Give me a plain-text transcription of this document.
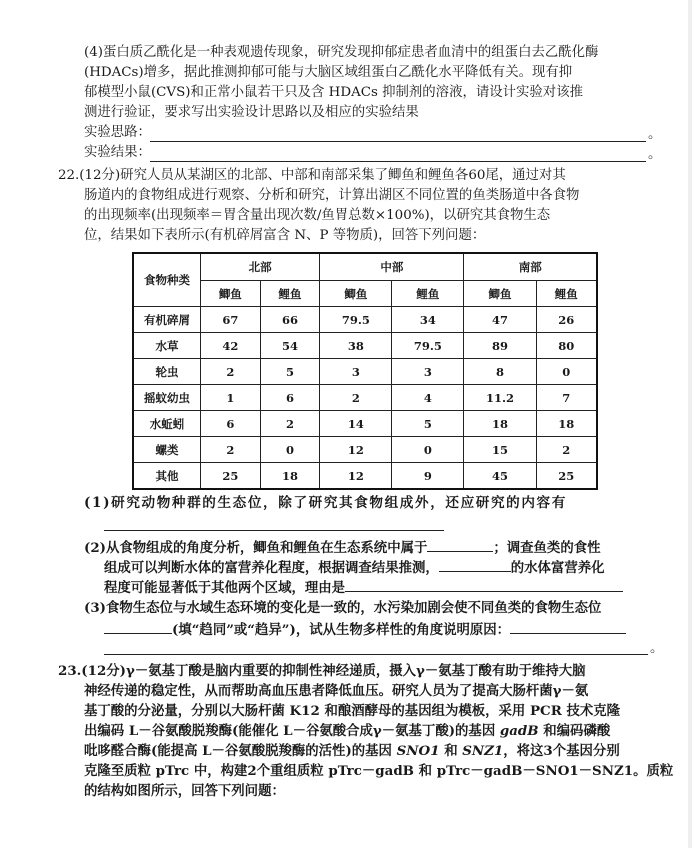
(4)蛋白质乙酰化是一种表观遗传现象，研究发现抑郁症患者血清中的组蛋白去乙酰化酶
(HDACs)增多，据此推测抑郁可能与大脑区域组蛋白乙酰化水平降低有关。现有抑
郁模型小鼠(CVS)和正常小鼠若干只及含 HDACs 抑制剂的溶液，请设计实验对该推
测进行验证，要求写出实验设计思路以及相应的实验结果
实验思路：	。
实验结果：	。
22.(12分)研究人员从某湖区的北部、中部和南部采集了鲫鱼和鲤鱼各60尾，通过对其
肠道内的食物组成进行观察、分析和研究，计算出湖区不同位置的鱼类肠道中各食物
的出现频率(出现频率＝胃含量出现次数/鱼胃总数×100%)，以研究其食物生态
位，结果如下表所示(有机碎屑富含 N、P 等物质)，回答下列问题：
食物种类	北部		中部		南部	
	鲫鱼	鲤鱼	鲫鱼	鲤鱼	鲫鱼	鲤鱼
有机碎屑	67	66	79.5	34	47	26
水草	42	54	38	79.5	89	80
轮虫	2	5	3	3	8	0
摇蚊幼虫	1	6	2	4	11.2	7
水蚯蚓	6	2	14	5	18	18
螺类	2	0	12	0	15	2
其他	25	18	12	9	45	25
(1)研究动物种群的生态位，除了研究其食物组成外，还应研究的内容有
(2)从食物组成的角度分析，鲫鱼和鲤鱼在生态系统中属于	；调查鱼类的食性
组成可以判断水体的富营养化程度，根据调查结果推测，	的水体富营养化
程度可能显著低于其他两个区域，理由是
(3)食物生态位与水域生态环境的变化是一致的，水污染加剧会使不同鱼类的食物生态位
(填“趋同”或“趋异”)，试从生物多样性的角度说明原因：
。
23.(12分)γ－氨基丁酸是脑内重要的抑制性神经递质，摄入γ－氨基丁酸有助于维持大脑
神经传递的稳定性，从而帮助高血压患者降低血压。研究人员为了提高大肠杆菌γ－氨
基丁酸的分泌量，分别以大肠杆菌 K12 和酿酒酵母的基因组为模板，采用 PCR 技术克隆
出编码 L－谷氨酸脱羧酶(能催化 L－谷氨酸合成γ－氨基丁酸)的基因 gadB 和编码磷酸
吡哆醛合酶(能提高 L－谷氨酸脱羧酶的活性)的基因 SNO1 和 SNZ1，将这3个基因分别
克隆至质粒 pTrc 中，构建2个重组质粒 pTrc－gadB 和 pTrc－gadB－SNO1－SNZ1。质粒
的结构如图所示，回答下列问题：
